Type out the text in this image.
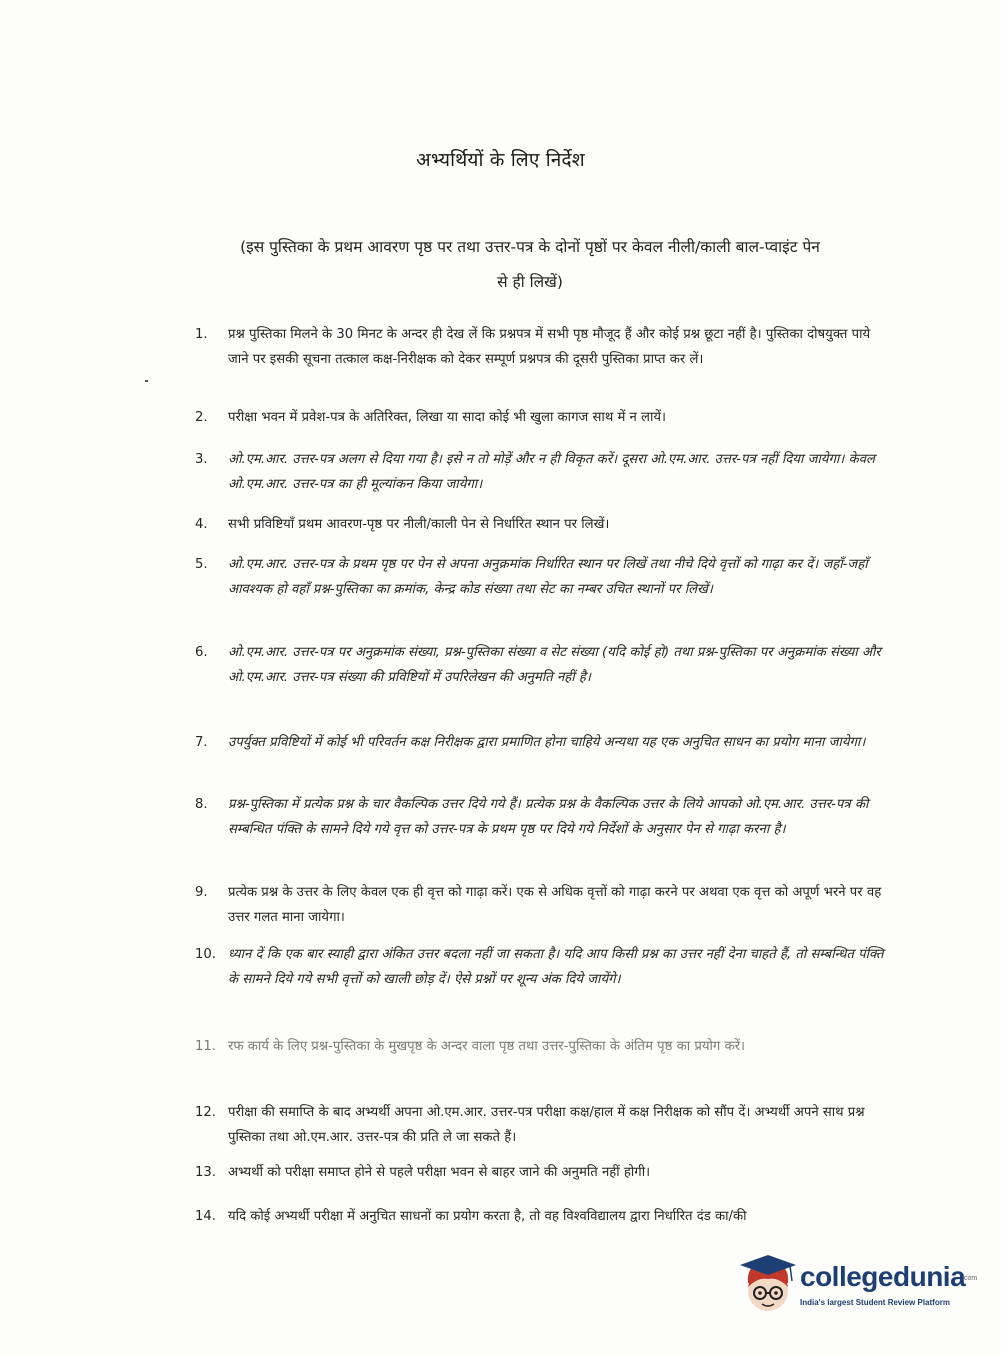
अभ्यर्थियों के लिए निर्देश
(इस पुस्तिका के प्रथम आवरण पृष्ठ पर तथा उत्तर-पत्र के दोनों पृष्ठों पर केवल नीली/काली बाल-प्वाइंट पेन से ही लिखें)
1.	प्रश्न पुस्तिका मिलने के 30 मिनट के अन्दर ही देख लें कि प्रश्नपत्र में सभी पृष्ठ मौजूद हैं और कोई प्रश्न छूटा नहीं है। पुस्तिका दोषयुक्त पाये जाने पर इसकी सूचना तत्काल कक्ष-निरीक्षक को देकर सम्पूर्ण प्रश्नपत्र की दूसरी पुस्तिका प्राप्त कर लें।
2.	परीक्षा भवन में प्रवेश-पत्र के अतिरिक्त, लिखा या सादा कोई भी खुला कागज साथ में न लायें।
3.	ओ.एम.आर. उत्तर-पत्र अलग से दिया गया है। इसे न तो मोड़ें और न ही विकृत करें। दूसरा ओ.एम.आर. उत्तर-पत्र नहीं दिया जायेगा। केवल ओ.एम.आर. उत्तर-पत्र का ही मूल्यांकन किया जायेगा।
4.	सभी प्रविष्टियाँ प्रथम आवरण-पृष्ठ पर नीली/काली पेन से निर्धारित स्थान पर लिखें।
5.	ओ.एम.आर. उत्तर-पत्र के प्रथम पृष्ठ पर पेन से अपना अनुक्रमांक निर्धारित स्थान पर लिखें तथा नीचे दिये वृत्तों को गाढ़ा कर दें। जहाँ-जहाँ आवश्यक हो वहाँ प्रश्न-पुस्तिका का क्रमांक, केन्द्र कोड संख्या तथा सेट का नम्बर उचित स्थानों पर लिखें।
6.	ओ.एम.आर. उत्तर-पत्र पर अनुक्रमांक संख्या, प्रश्न-पुस्तिका संख्या व सेट संख्या (यदि कोई हो) तथा प्रश्न-पुस्तिका पर अनुक्रमांक संख्या और ओ.एम.आर. उत्तर-पत्र संख्या की प्रविष्टियों में उपरिलेखन की अनुमति नहीं है।
7.	उपर्युक्त प्रविष्टियों में कोई भी परिवर्तन कक्ष निरीक्षक द्वारा प्रमाणित होना चाहिये अन्यथा यह एक अनुचित साधन का प्रयोग माना जायेगा।
8.	प्रश्न-पुस्तिका में प्रत्येक प्रश्न के चार वैकल्पिक उत्तर दिये गये हैं। प्रत्येक प्रश्न के वैकल्पिक उत्तर के लिये आपको ओ.एम.आर. उत्तर-पत्र की सम्बन्धित पंक्ति के सामने दिये गये वृत्त को उत्तर-पत्र के प्रथम पृष्ठ पर दिये गये निर्देशों के अनुसार पेन से गाढ़ा करना है।
9.	प्रत्येक प्रश्न के उत्तर के लिए केवल एक ही वृत्त को गाढ़ा करें। एक से अधिक वृत्तों को गाढ़ा करने पर अथवा एक वृत्त को अपूर्ण भरने पर वह उत्तर गलत माना जायेगा।
10. ध्यान दें कि एक बार स्याही द्वारा अंकित उत्तर बदला नहीं जा सकता है। यदि आप किसी प्रश्न का उत्तर नहीं देना चाहते हैं, तो सम्बन्धित पंक्ति के सामने दिये गये सभी वृत्तों को खाली छोड़ दें। ऐसे प्रश्नों पर शून्य अंक दिये जायेंगे।
11. रफ कार्य के लिए प्रश्न-पुस्तिका के मुखपृष्ठ के अन्दर वाला पृष्ठ तथा उत्तर-पुस्तिका के अंतिम पृष्ठ का प्रयोग करें।
12. परीक्षा की समाप्ति के बाद अभ्यर्थी अपना ओ.एम.आर. उत्तर-पत्र परीक्षा कक्ष/हाल में कक्ष निरीक्षक को सौंप दें। अभ्यर्थी अपने साथ प्रश्न पुस्तिका तथा ओ.एम.आर. उत्तर-पत्र की प्रति ले जा सकते हैं।
13. अभ्यर्थी को परीक्षा समाप्त होने से पहले परीक्षा भवन से बाहर जाने की अनुमति नहीं होगी।
14. यदि कोई अभ्यर्थी परीक्षा में अनुचित साधनों का प्रयोग करता है, तो वह विश्वविद्यालय द्वारा निर्धारित दंड का/की
collegedunia
.com
India's largest Student Review Platform
